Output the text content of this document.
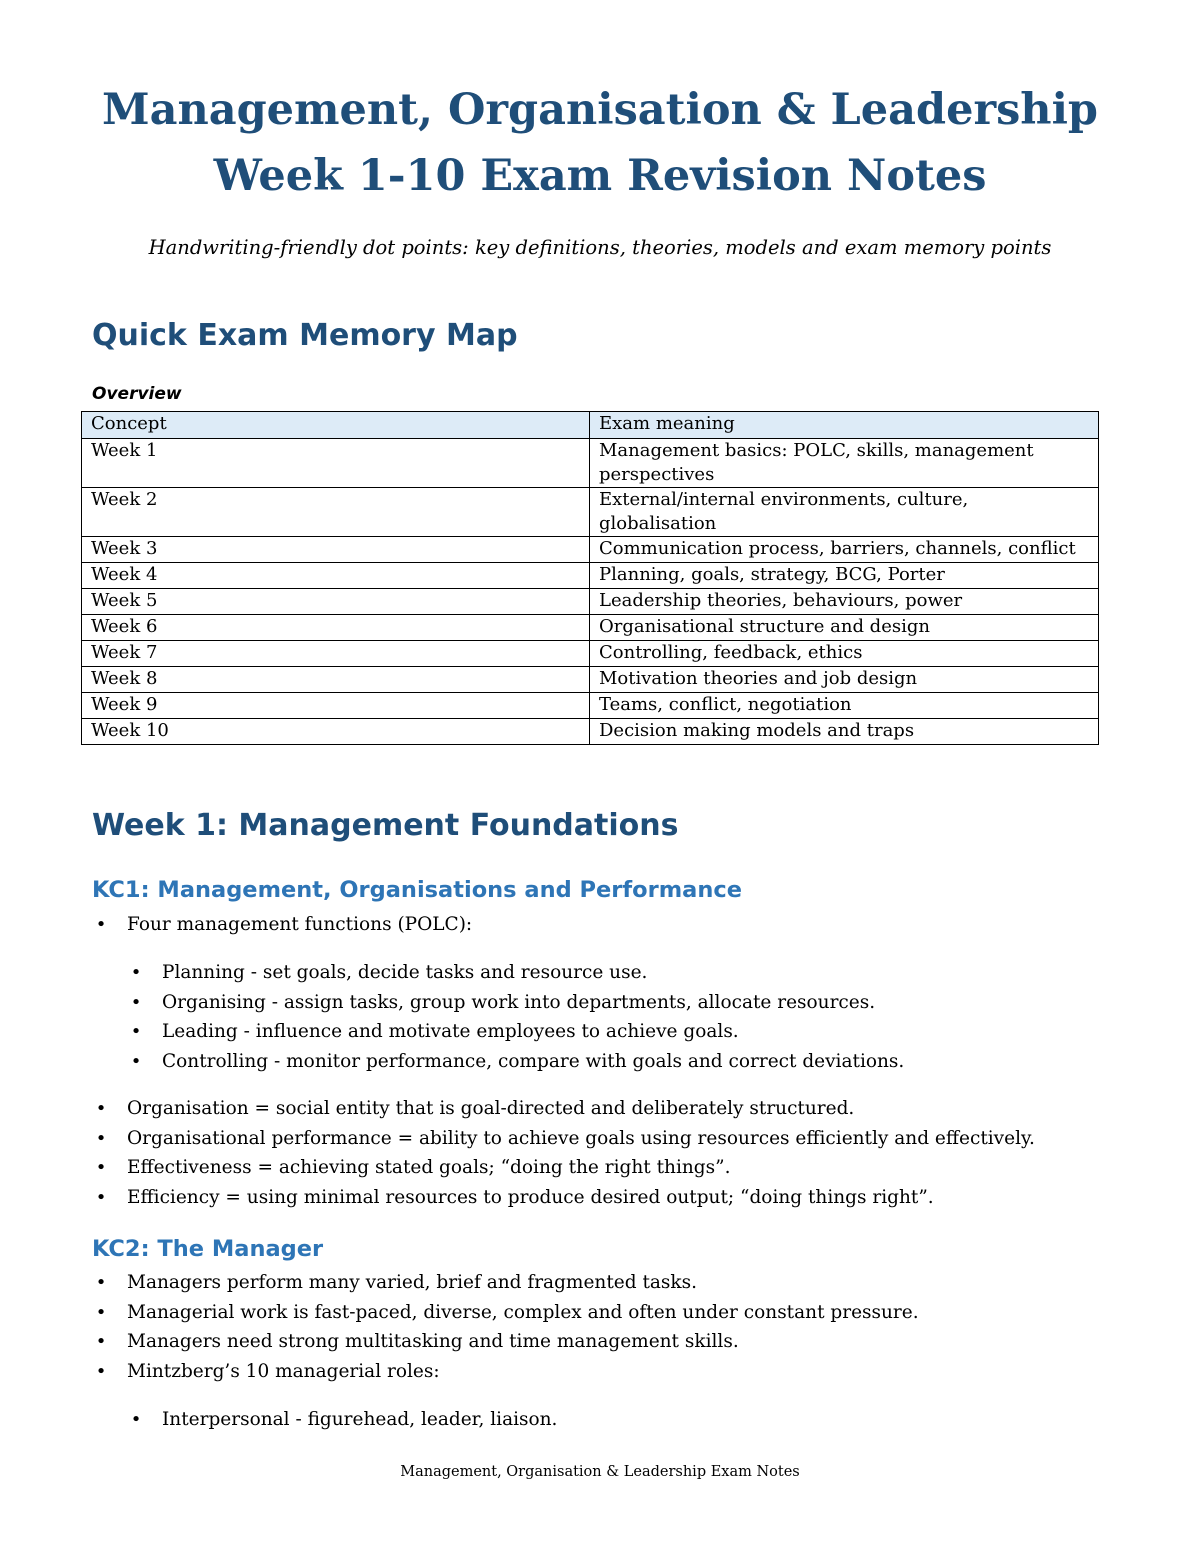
Management, Organisation & Leadership
Week 1-10 Exam Revision Notes

Handwriting-friendly dot points: key definitions, theories, models and exam memory points

Quick Exam Memory Map

Overview

Concept	Exam meaning
Week 1	Management basics: POLC, skills, management perspectives
Week 2	External/internal environments, culture, globalisation
Week 3	Communication process, barriers, channels, conflict
Week 4	Planning, goals, strategy, BCG, Porter
Week 5	Leadership theories, behaviours, power
Week 6	Organisational structure and design
Week 7	Controlling, feedback, ethics
Week 8	Motivation theories and job design
Week 9	Teams, conflict, negotiation
Week 10	Decision making models and traps
Week 1: Management Foundations
KC1: Management, Organisations and Performance
• Four management functions (POLC):
• Planning - set goals, decide tasks and resource use.
• Organising - assign tasks, group work into departments, allocate resources.
• Leading - influence and motivate employees to achieve goals.
• Controlling - monitor performance, compare with goals and correct deviations.
• Organisation = social entity that is goal-directed and deliberately structured.
• Organisational performance = ability to achieve goals using resources efficiently and effectively.
• Effectiveness = achieving stated goals; “doing the right things”.
• Efficiency = using minimal resources to produce desired output; “doing things right”.
KC2: The Manager
• Managers perform many varied, brief and fragmented tasks.
• Managerial work is fast-paced, diverse, complex and often under constant pressure.
• Managers need strong multitasking and time management skills.
• Mintzberg’s 10 managerial roles:
• Interpersonal - figurehead, leader, liaison.

Management, Organisation & Leadership Exam Notes
